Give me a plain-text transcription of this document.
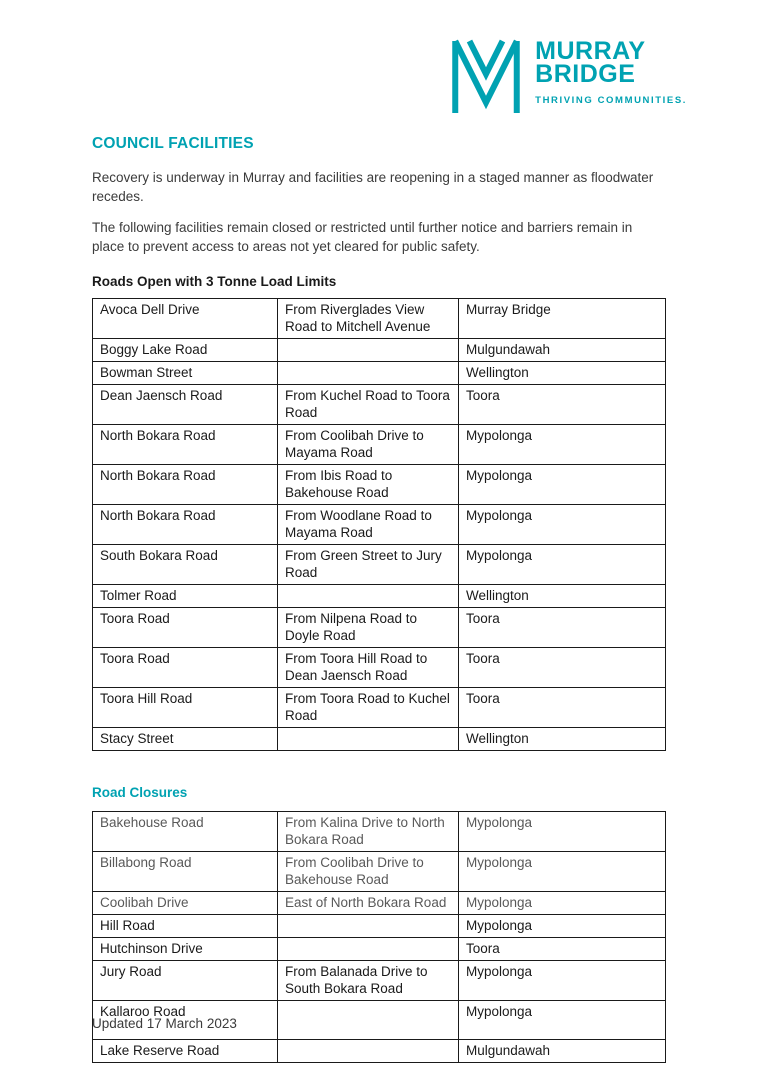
MURRAY
BRIDGE
THRIVING COMMUNITIES.
COUNCIL FACILITIES

Recovery is underway in Murray and facilities are reopening in a staged manner as floodwater recedes.

The following facilities remain closed or restricted until further notice and barriers remain in place to prevent access to areas not yet cleared for public safety.

Roads Open with 3 Tonne Load Limits
Avoca Dell Drive	From Riverglades View Road to Mitchell Avenue	Murray Bridge
Boggy Lake Road		Mulgundawah
Bowman Street		Wellington
Dean Jaensch Road	From Kuchel Road to Toora Road	Toora
North Bokara Road	From Coolibah Drive to Mayama Road	Mypolonga
North Bokara Road	From Ibis Road to Bakehouse Road	Mypolonga
North Bokara Road	From Woodlane Road to Mayama Road	Mypolonga
South Bokara Road	From Green Street to Jury Road	Mypolonga
Tolmer Road		Wellington
Toora Road	From Nilpena Road to Doyle Road	Toora
Toora Road	From Toora Hill Road to Dean Jaensch Road	Toora
Toora Hill Road	From Toora Road to Kuchel Road	Toora
Stacy Street		Wellington
Road Closures
Bakehouse Road	From Kalina Drive to North Bokara Road	Mypolonga
Billabong Road	From Coolibah Drive to Bakehouse Road	Mypolonga
Coolibah Drive	East of North Bokara Road	Mypolonga
Hill Road		Mypolonga
Hutchinson Drive		Toora
Jury Road	From Balanada Drive to South Bokara Road	Mypolonga
Kallaroo Road		Mypolonga
Lake Reserve Road		Mulgundawah
Updated 17 March 2023
